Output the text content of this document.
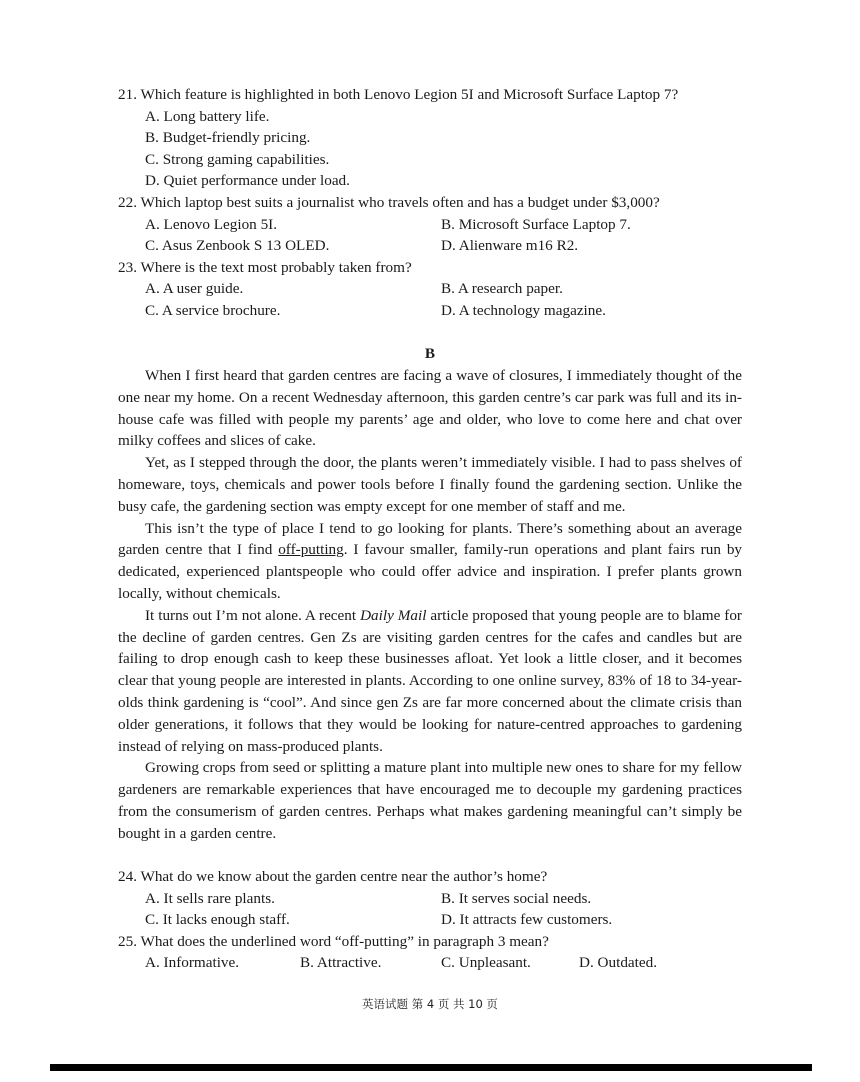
21. Which feature is highlighted in both Lenovo Legion 5I and Microsoft Surface Laptop 7?
A. Long battery life.
B. Budget-friendly pricing.
C. Strong gaming capabilities.
D. Quiet performance under load.
22. Which laptop best suits a journalist who travels often and has a budget under $3,000?
A. Lenovo Legion 5I.	B. Microsoft Surface Laptop 7.
C. Asus Zenbook S 13 OLED.	D. Alienware m16 R2.
23. Where is the text most probably taken from?
A. A user guide.	B. A research paper.
C. A service brochure.	D. A technology magazine.
B

When I first heard that garden centres are facing a wave of closures, I immediately thought of the one near my home. On a recent Wednesday afternoon, this garden centre’s car park was full and its in-house cafe was filled with people my parents’ age and older, who love to come here and chat over milky coffees and slices of cake.

Yet, as I stepped through the door, the plants weren’t immediately visible. I had to pass shelves of homeware, toys, chemicals and power tools before I finally found the gardening section. Unlike the busy cafe, the gardening section was empty except for one member of staff and me.

This isn’t the type of place I tend to go looking for plants. There’s something about an average garden centre that I find off-putting. I favour smaller, family-run operations and plant fairs run by dedicated, experienced plantspeople who could offer advice and inspiration. I prefer plants grown locally, without chemicals.

It turns out I’m not alone. A recent Daily Mail article proposed that young people are to blame for the decline of garden centres. Gen Zs are visiting garden centres for the cafes and candles but are failing to drop enough cash to keep these businesses afloat. Yet look a little closer, and it becomes clear that young people are interested in plants. According to one online survey, 83% of 18 to 34-year-olds think gardening is “cool”. And since gen Zs are far more concerned about the climate crisis than older generations, it follows that they would be looking for nature-centred approaches to gardening instead of relying on mass-produced plants.

Growing crops from seed or splitting a mature plant into multiple new ones to share for my fellow gardeners are remarkable experiences that have encouraged me to decouple my gardening practices from the consumerism of garden centres. Perhaps what makes gardening meaningful can’t simply be bought in a garden centre.

24. What do we know about the garden centre near the author’s home?
A. It sells rare plants.	B. It serves social needs.
C. It lacks enough staff.	D. It attracts few customers.
25. What does the underlined word “off-putting” in paragraph 3 mean?
A. Informative.	B. Attractive.	C. Unpleasant.	D. Outdated.
英语试题 第 4 页 共 10 页
